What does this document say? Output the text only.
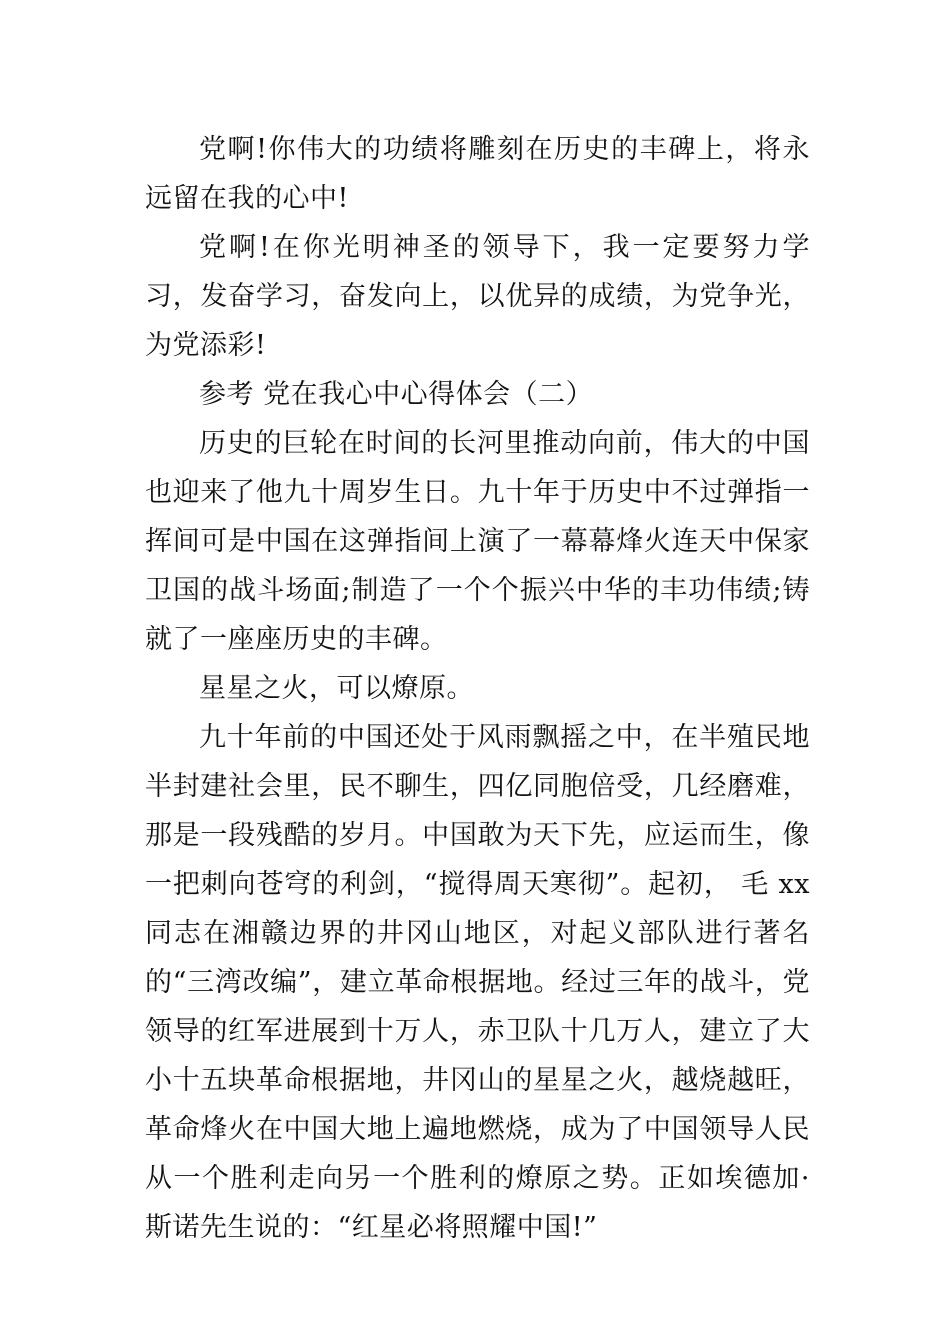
党啊!你伟大的功绩将雕刻在历史的丰碑上，将永远留在我的心中!

党啊!在你光明神圣的领导下，我一定要努力学习，发奋学习，奋发向上，以优异的成绩，为党争光，为党添彩!

参考 党在我心中心得体会（二）

历史的巨轮在时间的长河里推动向前，伟大的中国也迎来了他九十周岁生日。九十年于历史中不过弹指一挥间可是中国在这弹指间上演了一幕幕烽火连天中保家卫国的战斗场面;制造了一个个振兴中华的丰功伟绩;铸就了一座座历史的丰碑。

星星之火，可以燎原。

九十年前的中国还处于风雨飘摇之中，在半殖民地半封建社会里，民不聊生，四亿同胞倍受，几经磨难，那是一段残酷的岁月。中国敢为天下先，应运而生，像一把刺向苍穹的利剑，“搅得周天寒彻”。起初， 毛 xx 同志在湘赣边界的井冈山地区，对起义部队进行著名的“三湾改编”，建立革命根据地。经过三年的战斗，党领导的红军进展到十万人，赤卫队十几万人，建立了大小十五块革命根据地，井冈山的星星之火，越烧越旺，革命烽火在中国大地上遍地燃烧，成为了中国领导人民从一个胜利走向另一个胜利的燎原之势。正如埃德加·斯诺先生说的：“红星必将照耀中国!”
